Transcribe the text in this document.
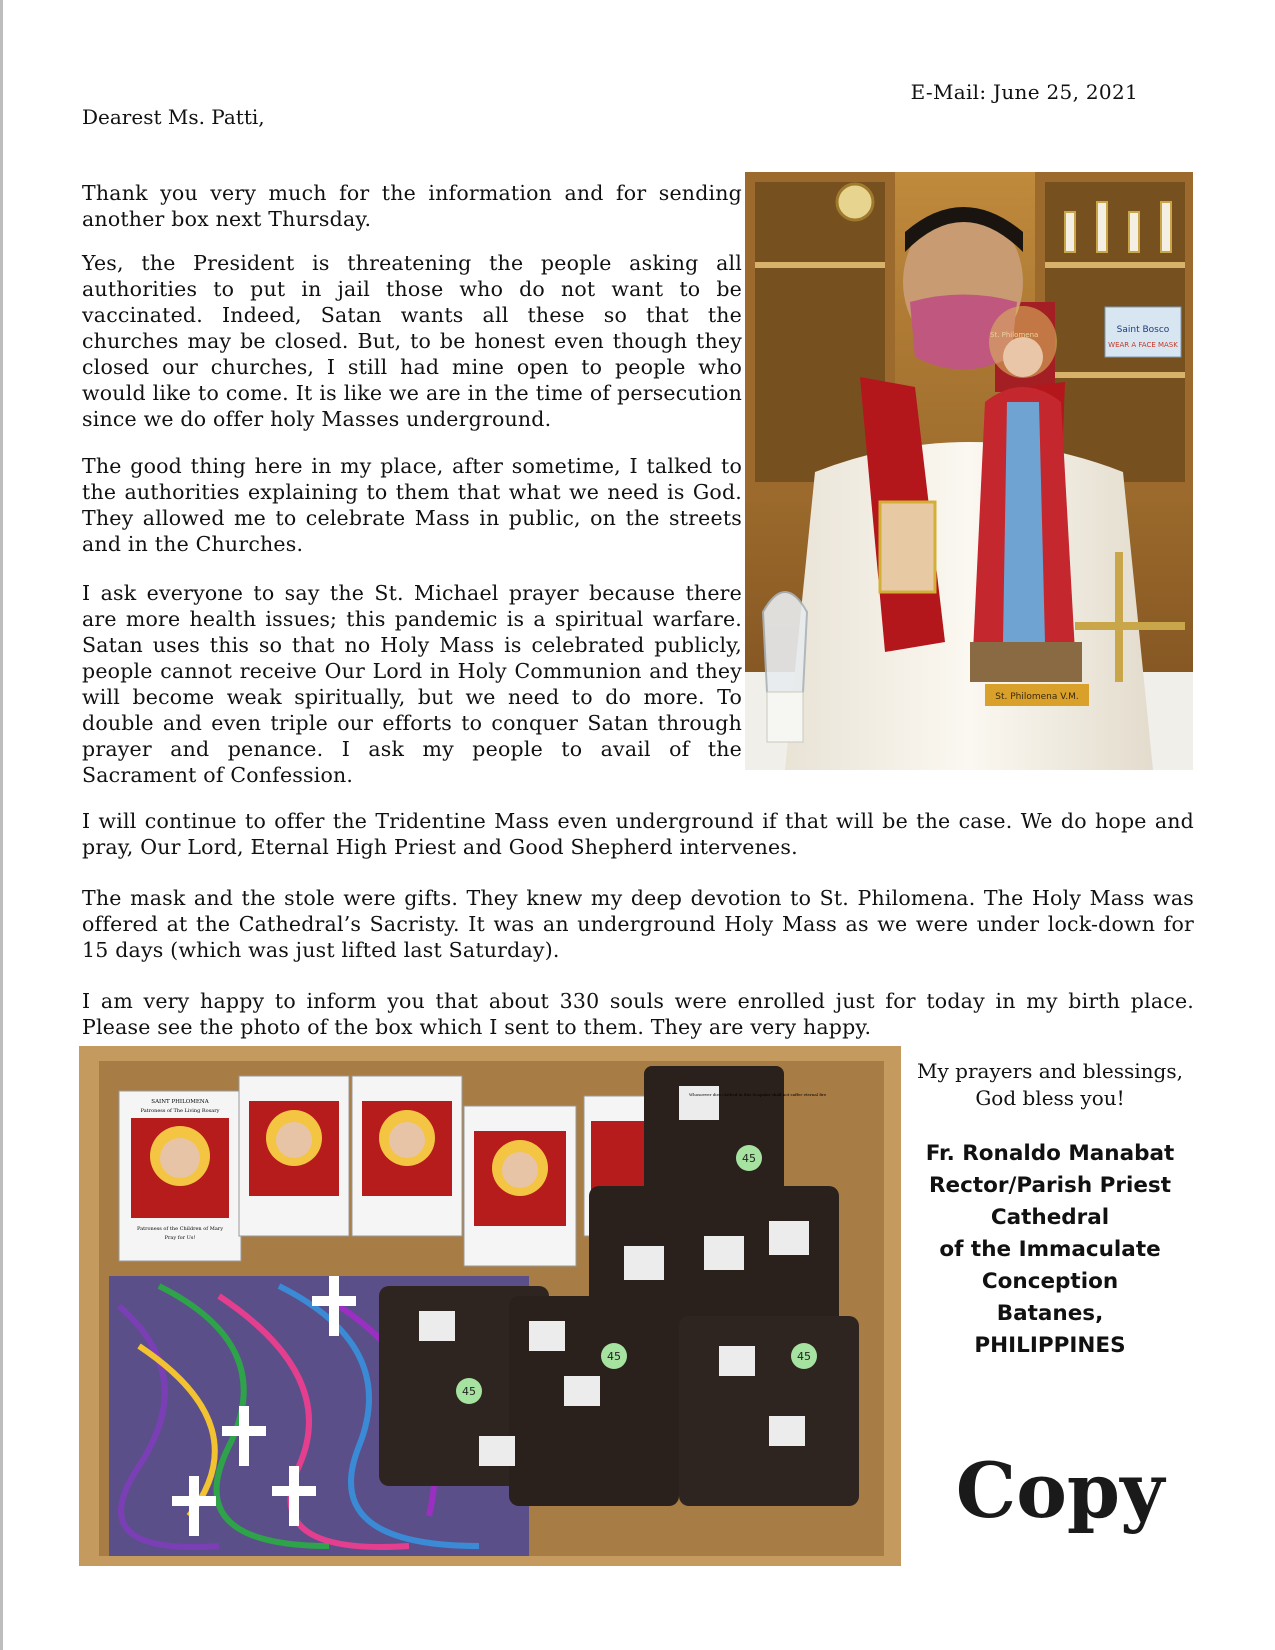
E-Mail: June 25, 2021
Dearest Ms. Patti,

Thank you very much for the information and for sending another box next Thursday.

Yes, the President is threatening the people asking all authorities to put in jail those who do not want to be vaccinated. Indeed, Satan wants all these so that the churches may be closed. But, to be honest even though they closed our churches, I still had mine open to people who would like to come. It is like we are in the time of persecution since we do offer holy Masses underground.

The good thing here in my place, after sometime, I talked to the authorities explaining to them that what we need is God. They allowed me to celebrate Mass in public, on the streets and in the Churches.

I ask everyone to say the St. Michael prayer because there are more health issues; this pandemic is a spiritual warfare. Satan uses this so that no Holy Mass is celebrated publicly, people cannot receive Our Lord in Holy Communion and they will become weak spiritually, but we need to do more. To double and even triple our efforts to conquer Satan through prayer and penance. I ask my people to avail of the Sacrament of Confession.

I will continue to offer the Tridentine Mass even underground if that will be the case. We do hope and pray, Our Lord, Eternal High Priest and Good Shepherd intervenes.

The mask and the stole were gifts. They knew my deep devotion to St. Philomena. The Holy Mass was offered at the Cathedral’s Sacristy. It was an underground Holy Mass as we were under lock-down for 15 days (which was just lifted last Saturday).

I am very happy to inform you that about 330 souls were enrolled just for today in my birth place. Please see the photo of the box which I sent to them. They are very happy.

Saint Bosco
WEAR A FACE MASK
St. Philomena V.M.
SAINT PHILOMENA
Patroness of The Living Rosary
Patroness of the Children of Mary
Pray for Us!
Whosoever dies clothed in this Scapular shall not suffer eternal fire
45
45
45	45
My prayers and blessings,
God bless you!
Fr. Ronaldo Manabat
Rector/Parish Priest
Cathedral
of the Immaculate
Conception
Batanes,
PHILIPPINES
Copy
